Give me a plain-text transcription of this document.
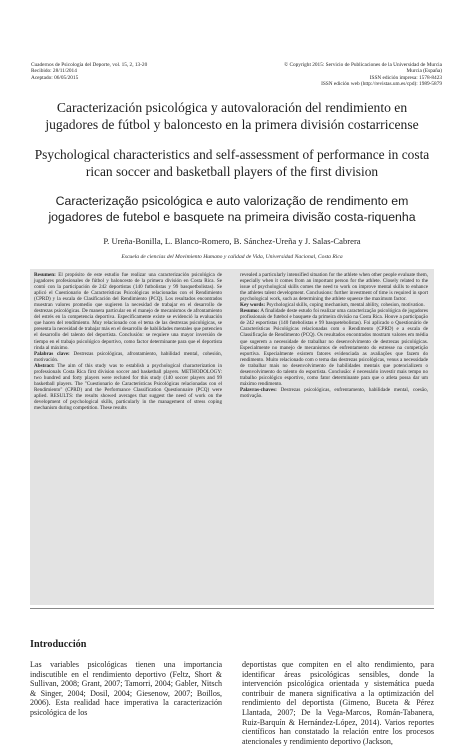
Cuadernos de Psicología del Deporte, vol. 15, 2, 13-20
Recibido: 28/11/2014
Aceptado: 06/05/2015
© Copyright 2015: Servicio de Publicaciones de la Universidad de Murcia
Murcia (España)
ISSN edición impresa: 1578-8423
ISSN edición web (http://revistas.um.es/cpd): 1989-5879
Caracterización psicológica y autovaloración del rendimiento en jugadores de fútbol y baloncesto en la primera división costarricense
Psychological characteristics and self-assessment of performance in costa rican soccer and basketball players of the first division
Caracterização psicológica e auto valorização de rendimento em jogadores de futebol e basquete na primeira divisão costa-riquenha
P. Ureña-Bonilla, L. Blanco-Romero, B. Sánchez-Ureña y J. Salas-Cabrera
Escuela de ciencias del Movimiento Humano y calidad de Vida, Universidad Nacional, Costa Rica

Resumen: El propósito de este estudio fue realizar una caracterización psicológica de jugadores profesionales de fútbol y baloncesto de la primera división en Costa Rica. Se contó con la participación de 242 deportistas (140 futbolistas y 99 basquetbolistas). Se aplicó el Cuestionario de Características Psicológicas relacionadas con el Rendimiento (CPRD) y la escala de Clasificación del Rendimiento (PCQ). Los resultados encontrados muestran valores promedio que sugieren la necesidad de trabajar en el desarrollo de destrezas psicológicas. De manera particular en el manejo de mecanismos de afrontamiento del estrés en la competencia deportiva. Específicamente existe se evidenció la evaluación que hacen del rendimiento. Muy relacionado con el tema de las destrezas psicológicas, se presenta la necesidad de trabajar más en el desarrollo de habilidades mentales que potencien el desarrollo del talento del deportista. Conclusión: se requiere una mayor inversión de tiempo en el trabajo psicológico deportivo, como factor determinante para que el deportista rinda al máximo.

Palabras clave: Destrezas psicológicas, afrontamiento, habilidad mental, cohesión, motivación.

Abstract: The aim of this study was to establish a psychological characterization in professionals Costa Rica first division soccer and basketball players. METHODOLOGY: two hundred and forty players were recluted for this study (140 soccer players and 99 basketball players. The "Cuestionario de Características Psicológicas relacionadas con el Rendimiento" (CPRD) and the Performance Classification Questionnaire (PCQ) were aplied. RESULTS: the results showed averages that suggest the need of work on the development of psychological skills, particularly in the management of stress coping mechanism during competition. These results

revealed a particularly intensified situation for the athlete when other people evaluate them, especially when it comes from an important person for the athlete. Closely related to the issue of psychological skills comes the need to work on improve mental skills to enhance the athletes talent development. Conclusions: further investment of time is required in sport psychological work, such as determining the athlete squeeze the maximum factor.

Key words: Psychological skills, coping mechanism, mental ability, cohesion, motivation.

Resumo: A finalidade deste estudo foi realizar uma caracterização psicológica de jogadores profissionais de futebol e basquete da primeira divisão na Costa Rica. Houve a participação de 242 esportistas (140 futebolistas e 99 basquetebolistas). Foi aplicado o Questionário de Características Psicológicas relacionadas com o Rendimento (CPRD) e a escala de Classificação de Rendimento (PCQ). Os resultados encontrados mostram valores em média que sugerem a necessidade de trabalhar no desenvolvimento de destrezas psicológicas. Especialmente no manejo de mecanismos de enfrentamento do estresse na competição esportiva. Especialmente existem fatores evidenciada as avaliações que fazem do rendimento. Muito relacionado com o tema das destrezas psicológicas, venus a necessidade de trabalhar mais no desenvolvimento de habilidades mentais que potencializem o desenvolvimento do talento do esportista. Conclusão: é necessário investir mais tempo no trabalho psicológico esportivo, como fator determinante para que o atleta possa dar um máximo rendimento.

Palavras-chaves: Destrezas psicológicas, enfrentamento, habilidade mental, coesão, motivação.

Introducción
Las variables psicológicas tienen una importancia indiscutible en el rendimiento deportivo (Feltz, Short & Sullivan, 2008; Grant, 2007; Tamorri, 2004; Gabler, Nitsch & Singer, 2004; Dosil, 2004; Giesenow, 2007; Boillos, 2006). Esta realidad hace imperativa la caracterización psicológica de los
deportistas que compiten en el alto rendimiento, para identificar áreas psicológicas sensibles, donde la intervención psicológica orientada y sistemática pueda contribuir de manera significativa a la optimización del rendimiento del deportista (Gimeno, Buceta & Pérez Llantada, 2007; De la Vega-Marcos, Román-Tabanera, Ruiz-Barquín & Hernández-López, 2014). Varios reportes científicos han constatado la relación entre los procesos atencionales y rendimiento deportivo (Jackson,
